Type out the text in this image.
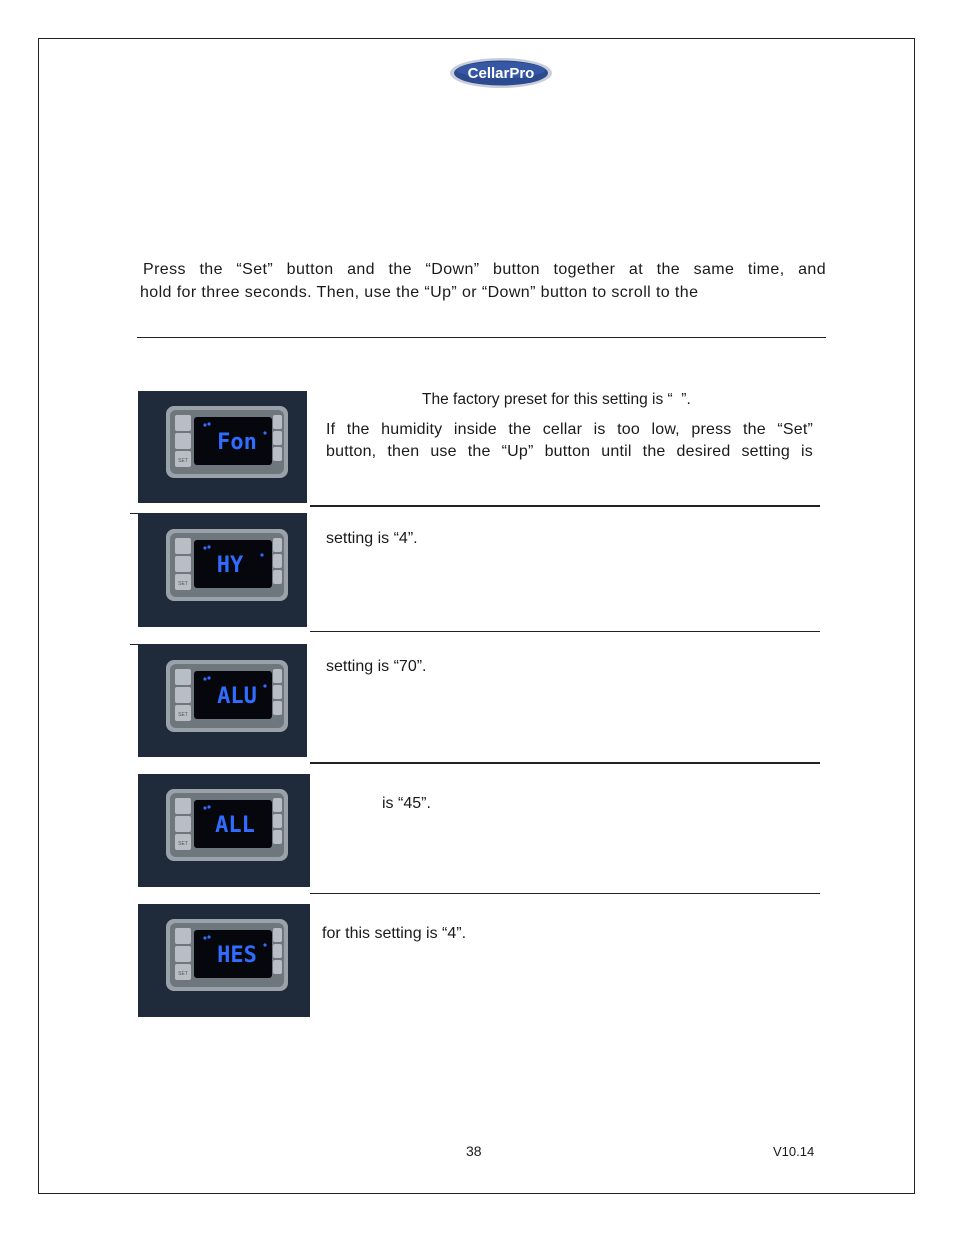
CellarPro
Press the “Set” button and the “Down” button together at the same time, and
hold for three seconds. Then, use the “Up” or “Down” button to scroll to the
SET
Fon
The factory preset for this setting is “  ”.
If the humidity inside the cellar is too low, press the “Set”
button, then use the “Up” button until the desired setting is
SET
HY
setting is “4”.
SET
ALU
setting is “70”.
SET
ALL
is “45”.
SET
HES
for this setting is “4”.
38	V10.14
